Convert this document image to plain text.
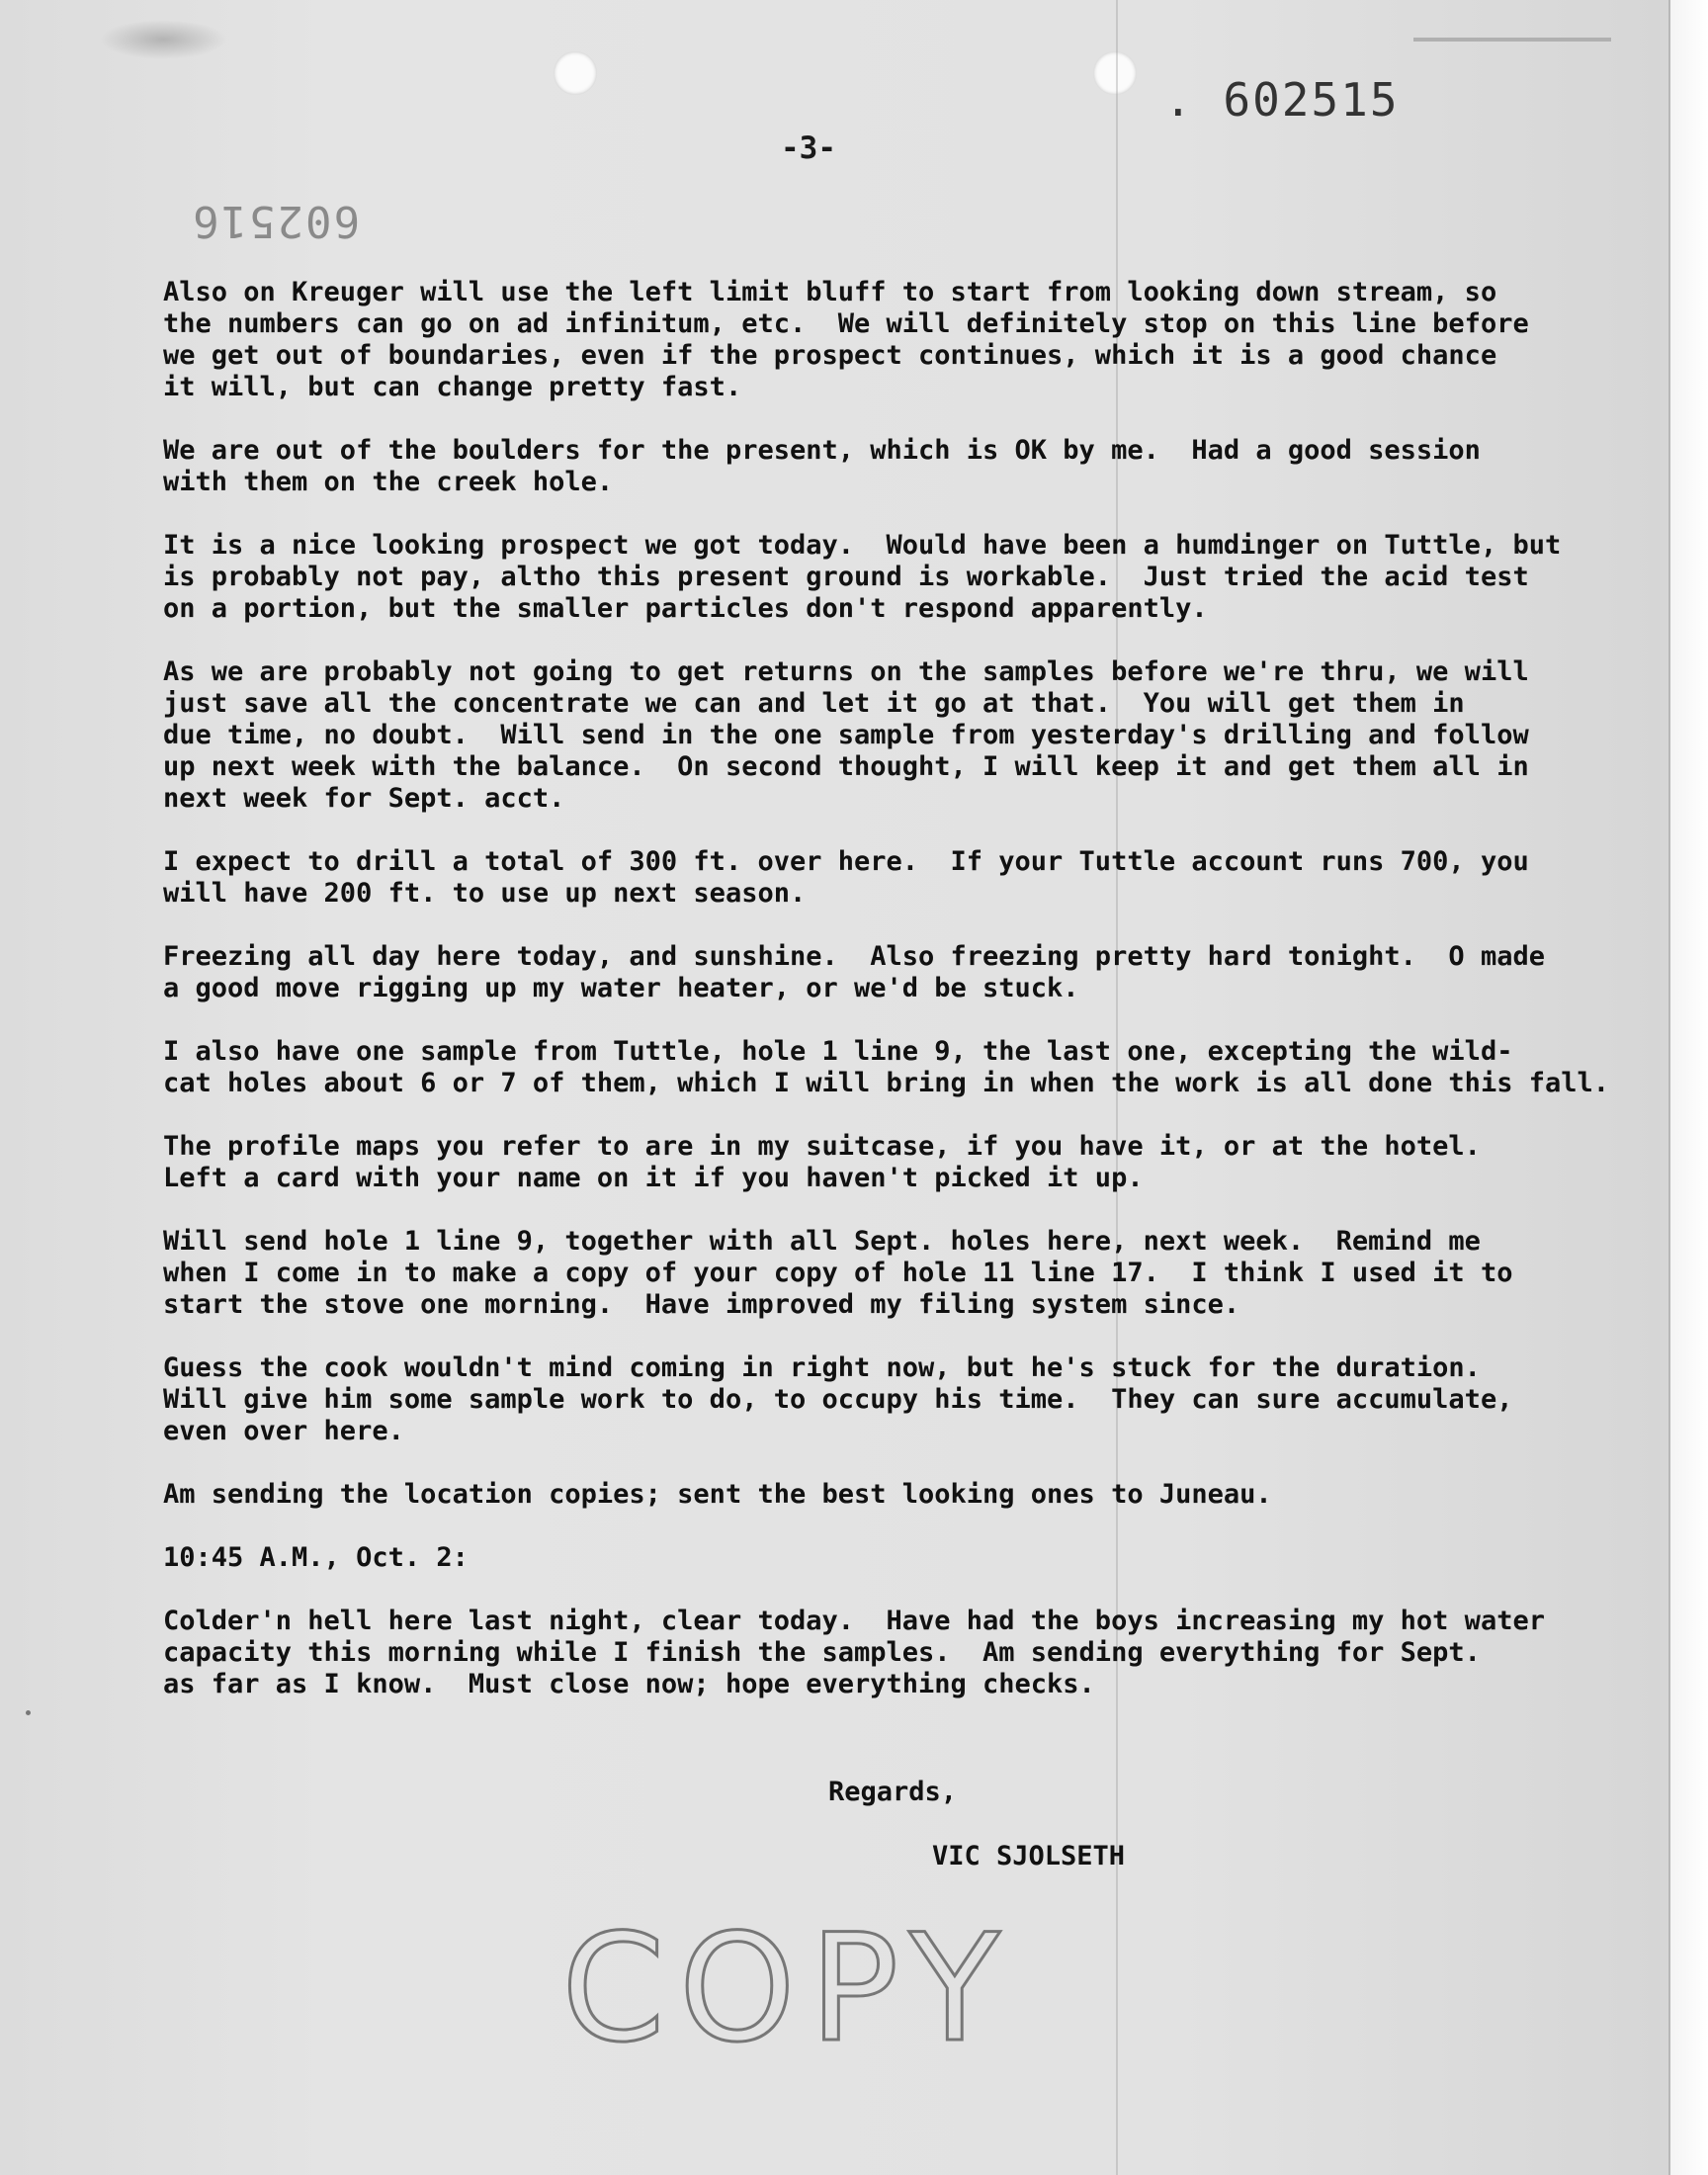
. 602515
-3-
602516

Also on Kreuger will use the left limit bluff to start from looking down stream, so
the numbers can go on ad infinitum, etc.  We will definitely stop on this line before
we get out of boundaries, even if the prospect continues, which it is a good chance
it will, but can change pretty fast.

We are out of the boulders for the present, which is OK by me.  Had a good session
with them on the creek hole.

It is a nice looking prospect we got today.  Would have been a humdinger on Tuttle, but
is probably not pay, altho this present ground is workable.  Just tried the acid test
on a portion, but the smaller particles don't respond apparently.

As we are probably not going to get returns on the samples before we're thru, we will
just save all the concentrate we can and let it go at that.  You will get them in
due time, no doubt.  Will send in the one sample from yesterday's drilling and follow
up next week with the balance.  On second thought, I will keep it and get them all in
next week for Sept. acct.

I expect to drill a total of 300 ft. over here.  If your Tuttle account runs 700, you
will have 200 ft. to use up next season.

Freezing all day here today, and sunshine.  Also freezing pretty hard tonight.  O made
a good move rigging up my water heater, or we'd be stuck.

I also have one sample from Tuttle, hole 1 line 9, the last one, excepting the wild-
cat holes about 6 or 7 of them, which I will bring in when the work is all done this fall.

The profile maps you refer to are in my suitcase, if you have it, or at the hotel.
Left a card with your name on it if you haven't picked it up.

Will send hole 1 line 9, together with all Sept. holes here, next week.  Remind me
when I come in to make a copy of your copy of hole 11 line 17.  I think I used it to
start the stove one morning.  Have improved my filing system since.

Guess the cook wouldn't mind coming in right now, but he's stuck for the duration.
Will give him some sample work to do, to occupy his time.  They can sure accumulate,
even over here.

Am sending the location copies; sent the best looking ones to Juneau.

10:45 A.M., Oct. 2:

Colder'n hell here last night, clear today.  Have had the boys increasing my hot water
capacity this morning while I finish the samples.  Am sending everything for Sept.
as far as I know.  Must close now; hope everything checks.

Regards,
VIC SJOLSETH
COPY
